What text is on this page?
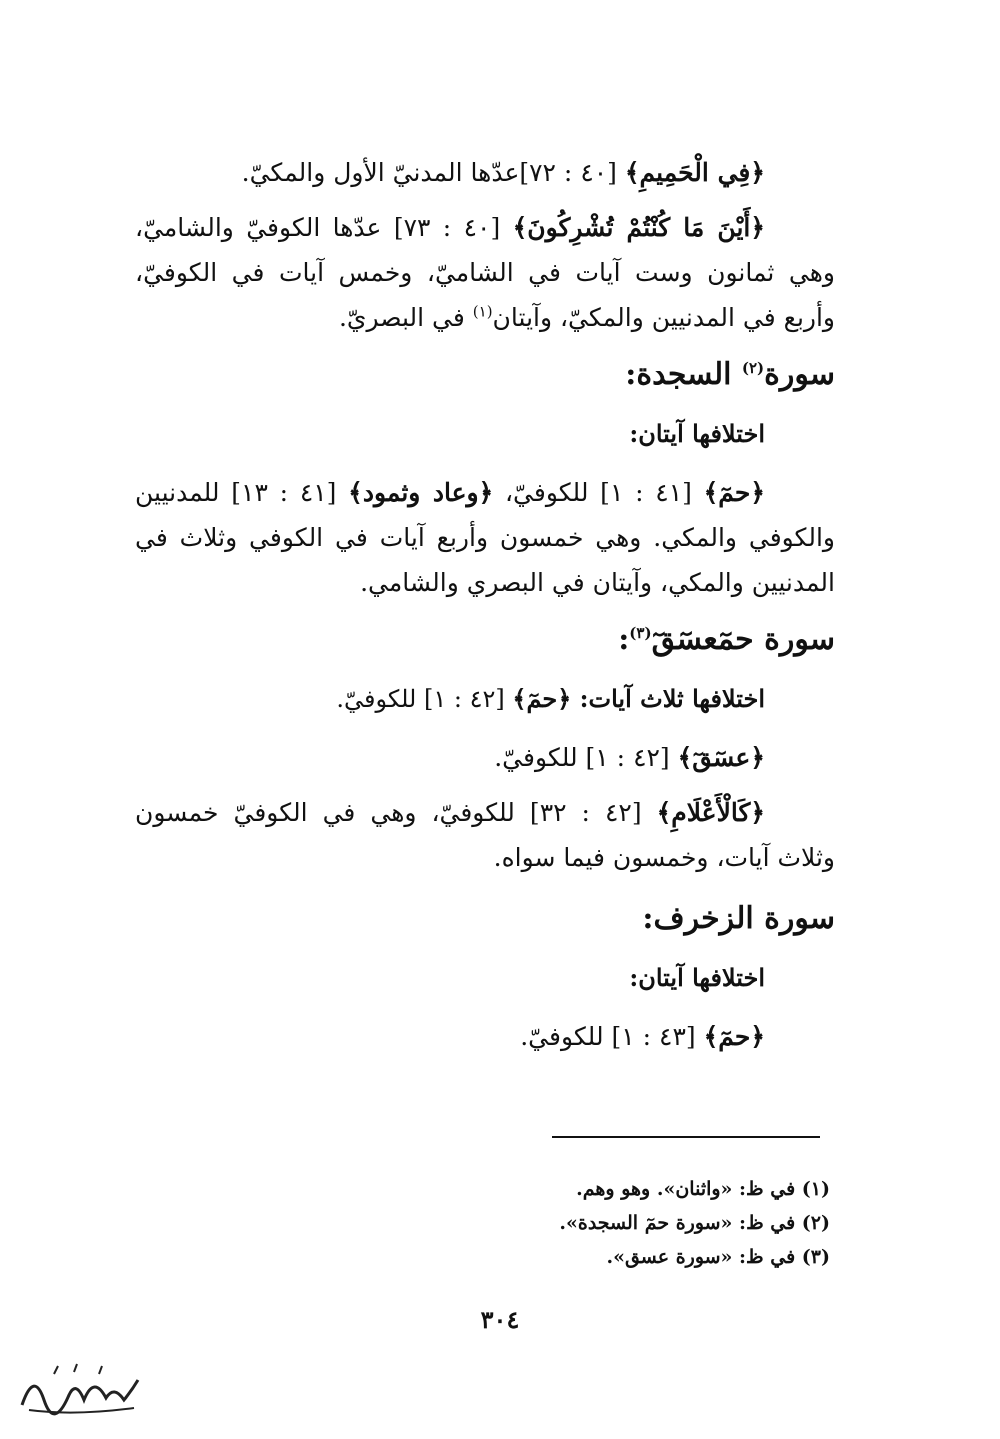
﴿فِي الْحَمِيمِ﴾ [٤٠ : ٧٢]عدّها المدنيّ الأول والمكيّ.

﴿أَيْنَ مَا كُنْتُمْ تُشْرِكُونَ﴾ [٤٠ : ٧٣] عدّها الكوفيّ والشاميّ، وهي ثمانون وست آيات في الشاميّ، وخمس آيات في الكوفيّ، وأربع في المدنيين والمكيّ، وآيتان$^{(١)}$ في البصريّ.

سورة$^{(٢)}$ السجدة:
اختلافها آيتان:

﴿حمٓ﴾ [٤١ : ١] للكوفيّ، ﴿وعاد وثمود﴾ [٤١ : ١٣] للمدنيين والكوفي والمكي. وهي خمسون وأربع آيات في الكوفي وثلاث في المدنيين والمكي، وآيتان في البصري والشامي.

سورة حمٓعسٓقٓ$^{(٣)}$:
اختلافها ثلاث آيات: ﴿حمٓ﴾ [٤٢ : ١] للكوفيّ.

﴿عسٓقٓ﴾ [٤٢ : ١] للكوفيّ.

﴿كَالْأَعْلَامِ﴾ [٤٢ : ٣٢] للكوفيّ، وهي في الكوفيّ خمسون وثلاث آيات، وخمسون فيما سواه.

سورة الزخرف:
اختلافها آيتان:

﴿حمٓ﴾ [٤٣ : ١] للكوفيّ.

(١) في ظ: «واثنان». وهو وهم.

(٢) في ظ: «سورة حمٓ السجدة».

(٣) في ظ: «سورة عسق».

٣٠٤
